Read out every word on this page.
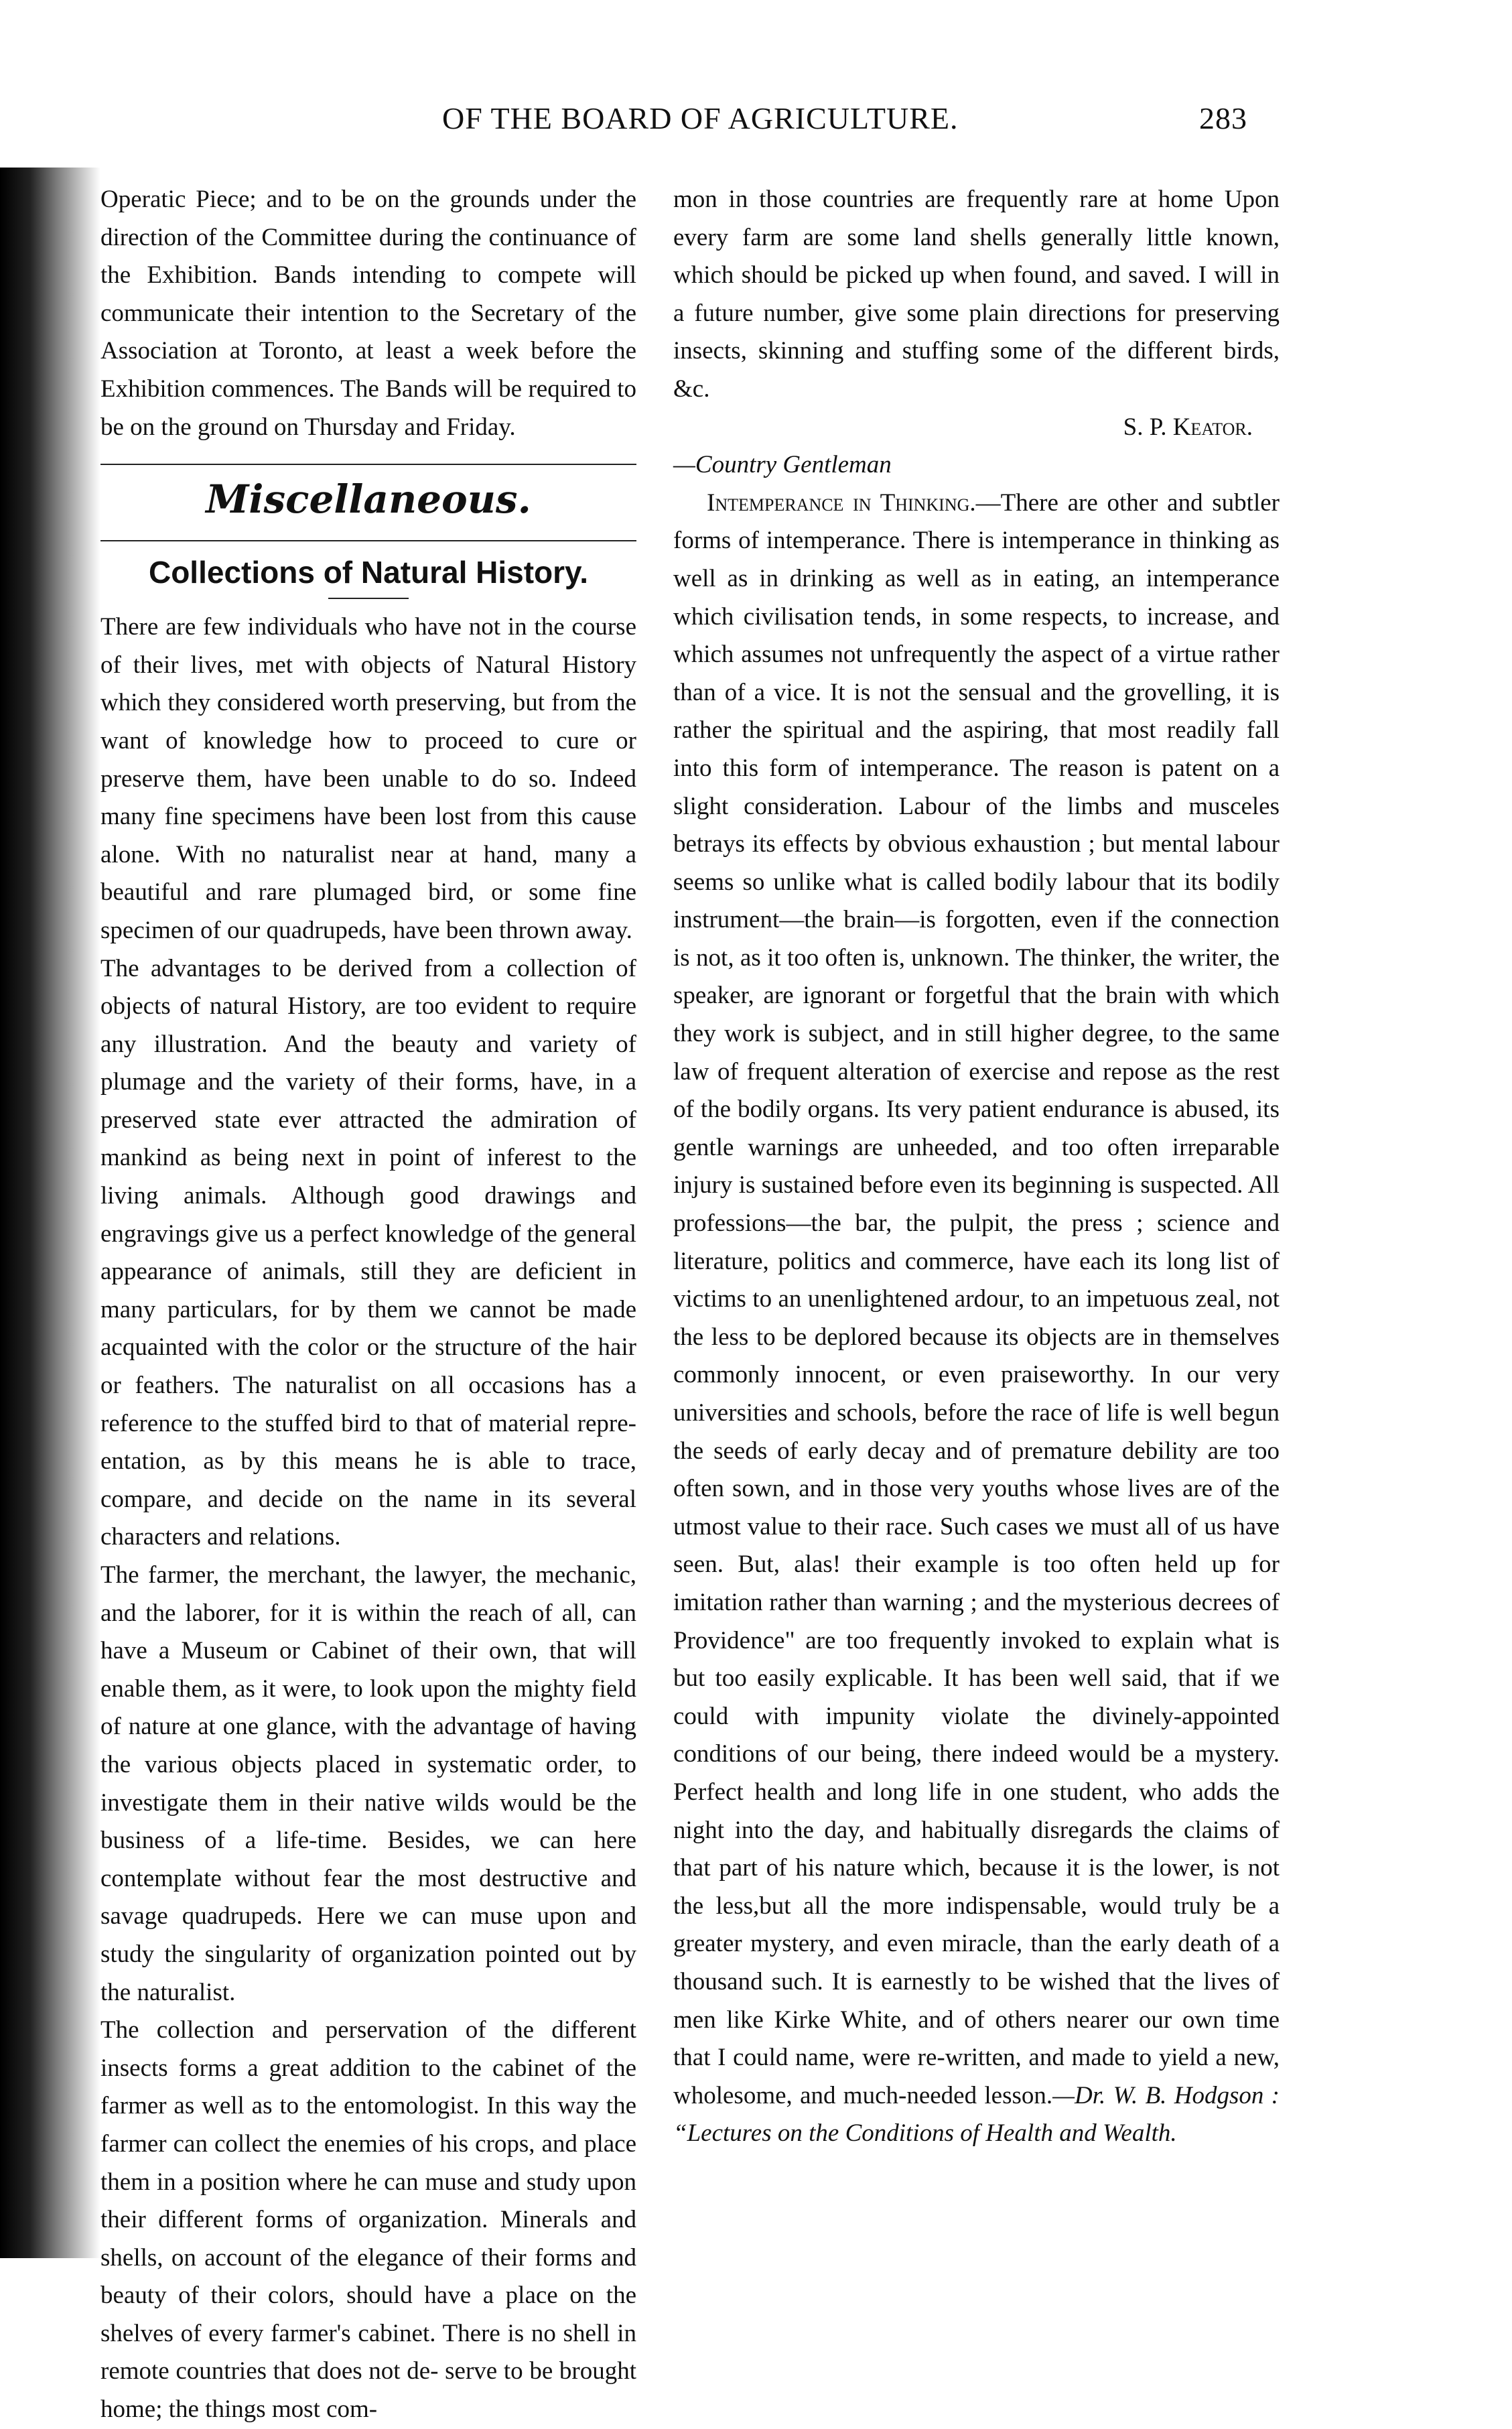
OF THE BOARD OF AGRICULTURE.	283

Operatic Piece; and to be on the grounds under the direction of the Committee during the continuance of the Exhibition. Bands intending to compete will communicate their intention to the Secretary of the Association at Toronto, at least a week before the Exhibition commences. The Bands will be required to be on the ground on Thursday and Friday.

Miscellaneous.
Collections of Natural History.

There are few individuals who have not in the course of their lives, met with objects of Natural History which they considered worth preserving, but from the want of knowledge how to proceed to cure or preserve them, have been unable to do so. Indeed many fine specimens have been lost from this cause alone. With no naturalist near at hand, many a beautiful and rare plumaged bird, or some fine specimen of our quadrupeds, have been thrown away.

The advantages to be derived from a collection of objects of natural History, are too evident to require any illustration. And the beauty and variety of plumage and the variety of their forms, have, in a preserved state ever attracted the admiration of mankind as being next in point of inferest to the living animals. Although good drawings and engravings give us a perfect knowledge of the general appearance of animals, still they are deficient in many particulars, for by them we cannot be made acquainted with the color or the structure of the hair or feathers. The naturalist on all occasions has a reference to the stuffed bird to that of material repre-entation, as by this means he is able to trace, compare, and decide on the name in its several characters and relations.

The farmer, the merchant, the lawyer, the mechanic, and the laborer, for it is within the reach of all, can have a Museum or Cabinet of their own, that will enable them, as it were, to look upon the mighty field of nature at one glance, with the advantage of having the various objects placed in systematic order, to investigate them in their native wilds would be the business of a life-time. Besides, we can here contemplate without fear the most destructive and savage quadrupeds. Here we can muse upon and study the singularity of organization pointed out by the naturalist.

The collection and perservation of the different insects forms a great addition to the cabinet of the farmer as well as to the entomologist. In this way the farmer can collect the enemies of his crops, and place them in a position where he can muse and study upon their different forms of organization. Minerals and shells, on account of the elegance of their forms and beauty of their colors, should have a place on the shelves of every farmer's cabinet. There is no shell in remote countries that does not de- serve to be brought home; the things most com-

mon in those countries are frequently rare at home Upon every farm are some land shells generally little known, which should be picked up when found, and saved. I will in a future number, give some plain directions for preserving insects, skinning and stuffing some of the different birds, &c.

S. P. Keator.

—Country Gentleman

Intemperance in Thinking.—There are other and subtler forms of intemperance. There is intemperance in thinking as well as in drinking as well as in eating, an intemperance which civilisation tends, in some respects, to increase, and which assumes not unfrequently the aspect of a virtue rather than of a vice. It is not the sensual and the grovelling, it is rather the spiritual and the aspiring, that most readily fall into this form of intemperance. The reason is patent on a slight consideration. Labour of the limbs and musceles betrays its effects by obvious exhaustion ; but mental labour seems so unlike what is called bodily labour that its bodily instrument—the brain—is forgotten, even if the connection is not, as it too often is, unknown. The thinker, the writer, the speaker, are ignorant or forgetful that the brain with which they work is subject, and in still higher degree, to the same law of frequent alteration of exercise and repose as the rest of the bodily organs. Its very patient endurance is abused, its gentle warnings are unheeded, and too often irreparable injury is sustained before even its beginning is suspected. All professions—the bar, the pulpit, the press ; science and literature, politics and commerce, have each its long list of victims to an unenlightened ardour, to an impetuous zeal, not the less to be deplored because its objects are in themselves commonly innocent, or even praiseworthy. In our very universities and schools, before the race of life is well begun the seeds of early decay and of premature debility are too often sown, and in those very youths whose lives are of the utmost value to their race. Such cases we must all of us have seen. But, alas! their example is too often held up for imitation rather than warning ; and the mysterious decrees of Providence" are too frequently invoked to explain what is but too easily explicable. It has been well said, that if we could with impunity violate the divinely-appointed conditions of our being, there indeed would be a mystery. Perfect health and long life in one student, who adds the night into the day, and habitually disregards the claims of that part of his nature which, because it is the lower, is not the less,but all the more indispensable, would truly be a greater mystery, and even miracle, than the early death of a thousand such. It is earnestly to be wished that the lives of men like Kirke White, and of others nearer our own time that I could name, were re-written, and made to yield a new, wholesome, and much-needed lesson.—Dr. W. B. Hodgson : “Lectures on the Conditions of Health and Wealth.
